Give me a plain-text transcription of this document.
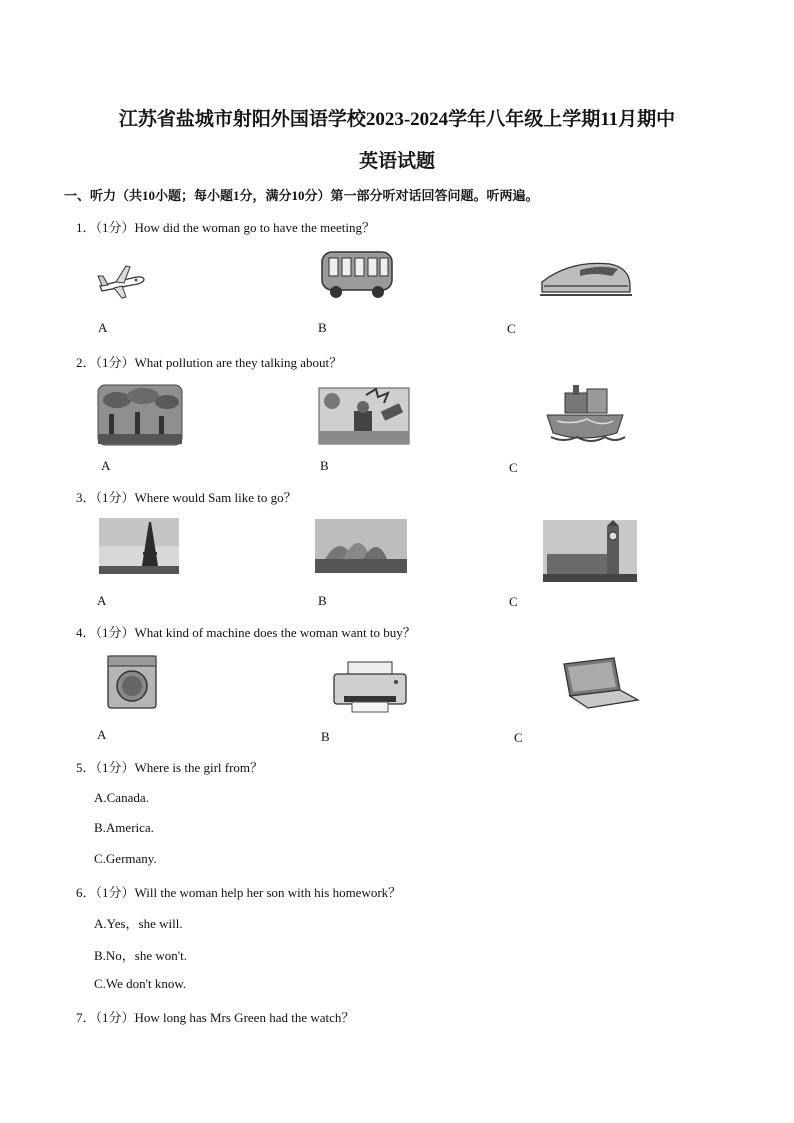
江苏省盐城市射阳外国语学校2023-2024学年八年级上学期11月期中
英语试题
一、听力（共10小题；每小题1分，满分10分）第一部分听对话回答问题。听两遍。
1．（1分）How did the woman go to have the meeting？
A	B	C
2．（1分）What pollution are they talking about？
A	B	C
3．（1分）Where would Sam like to go？
A	B	C
4．（1分）What kind of machine does the woman want to buy？
A	B	C
5．（1分）Where is the girl from？
A.Canada.
B.America.
C.Germany.
6．（1分）Will the woman help her son with his homework？
A.Yes，she will.
B.No，she won't.
C.We don't know.
7．（1分）How long has Mrs Green had the watch？
